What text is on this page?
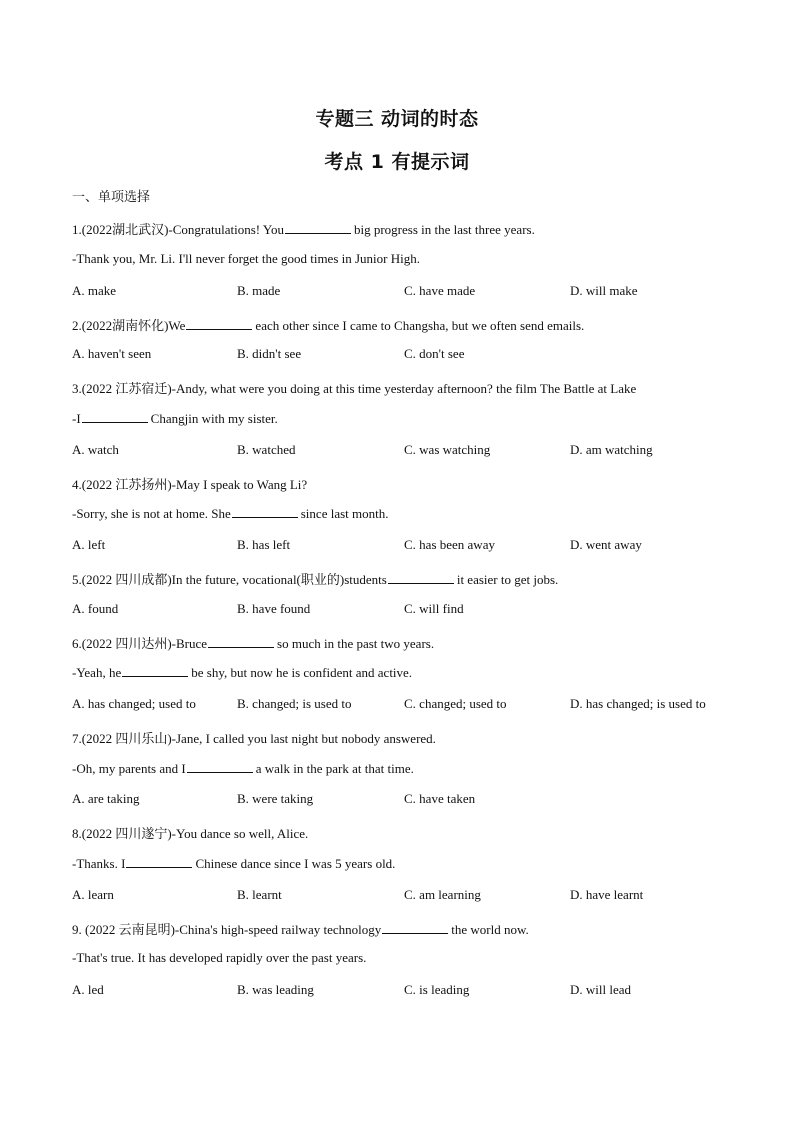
专题三 动词的时态
考点 1 有提示词
一、单项选择
1.(2022湖北武汉)-Congratulations! You	big progress in the last three years.
-Thank you, Mr. Li. I'll never forget the good times in Junior High.
A. make	B. made	C. have made	D. will make
2.(2022湖南怀化)We	each other since I came to Changsha, but we often send emails.
A. haven't seen	B. didn't see	C. don't see
3.(2022 江苏宿迁)-Andy, what were you doing at this time yesterday afternoon? the film The Battle at Lake
-I	Changjin with my sister.
A. watch	B. watched	C. was watching	D. am watching
4.(2022 江苏扬州)-May I speak to Wang Li?
-Sorry, she is not at home. She	since last month.
A. left	B. has left	C. has been away	D. went away
5.(2022 四川成都)In the future, vocational(职业的)students	it easier to get jobs.
A. found	B. have found	C. will find
6.(2022 四川达州)-Bruce	so much in the past two years.
-Yeah, he	be shy, but now he is confident and active.
A. has changed; used to	B. changed; is used to	C. changed; used to	D. has changed; is used to
7.(2022 四川乐山)-Jane, I called you last night but nobody answered.
-Oh, my parents and I	a walk in the park at that time.
A. are taking	B. were taking	C. have taken
8.(2022 四川遂宁)-You dance so well, Alice.
-Thanks. I	Chinese dance since I was 5 years old.
A. learn	B. learnt	C. am learning	D. have learnt
9. (2022 云南昆明)-China's high-speed railway technology	the world now.
-That's true. It has developed rapidly over the past years.
A. led	B. was leading	C. is leading	D. will lead
